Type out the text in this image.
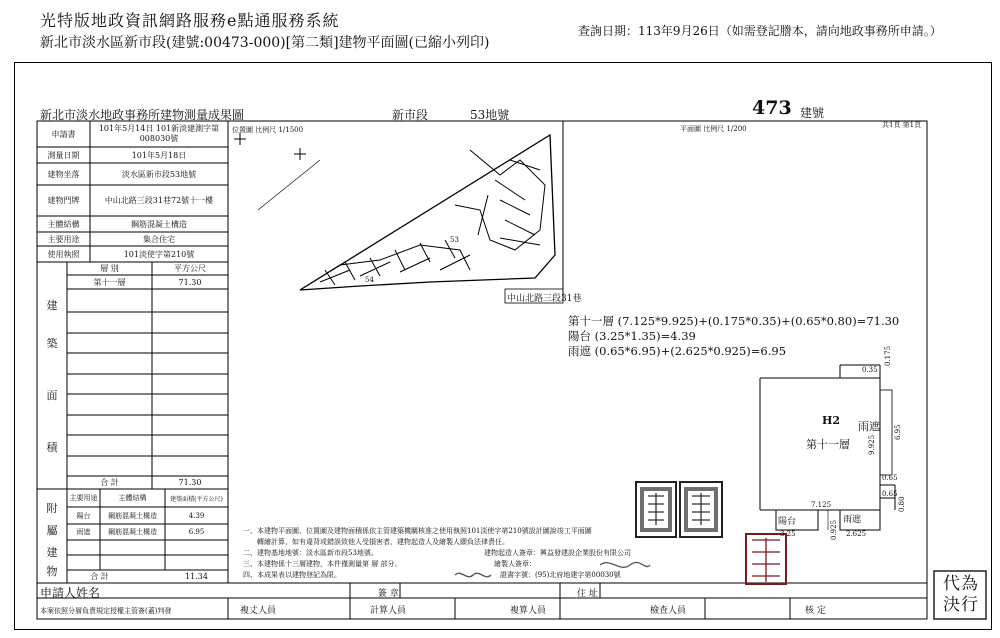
光特版地政資訊網路服務e點通服務系統
新北市淡水區新市段(建號:00473-000)[第二類]建物平面圖(已縮小列印)
查詢日期：113年9月26日（如需登記謄本，請向地政事務所申請。）
新北市淡水地政事務所建物測量成果圖	新市段	53地號	473 建號
共1頁 第1頁
位置圖 比例尺 1/1500	平面圖 比例尺 1/200
申請書
101年5月14日 101新淡建測字第008030號
測量日期	101年5月18日
建物坐落	淡水區新市段53地號
建物門牌	中山北路三段31巷72號十一樓
主體結構	鋼筋混凝土構造
主要用途	集合住宅
使用執照	101淡使字第210號
建
築
面
積
層 別	平方公尺
第十一層	71.30
合 計	71.30
附
屬
建
物
主要用途	主體結構	建築面積(平方公尺)
陽台	鋼筋混凝土構造	4.39
雨遮	鋼筋混凝土構造	6.95
合 計	11.34
申請人姓名
本案依照分層負責規定授權主管簽(蓋)判發
簽 章	住 址
複丈人員	計算人員	複算人員	檢查人員	核 定
53
54
中山北路三段31巷
第十一層 (7.125*9.925)+(0.175*0.35)+(0.65*0.80)=71.30
陽台 (3.25*1.35)=4.39
雨遮 (0.65*6.95)+(2.625*0.925)=6.95
H2
第十一層
雨遮
陽台	雨遮
0.35
0.175
6.95
9.925
0.65
0.65
0.80
7.125
3.25	0.925 2.625
一、本建物平面圖、位置圖及建物面積係依主管建築機關核准之使用執照101淡使字第210號設計圖說竣工平面圖
　　轉繪計算，如有違背或錯誤致他人受損害者，建物起造人及繪製人願負法律責任。
二、建物基地地號：淡水區新市段53地號。
三、本建物係十三層建物，本件僅測量第 層 部分。
四、本成果表以建物登記為限。
建物起造人簽章：興益發建設企業股份有限公司
繪製人簽章：
證書字號：(95)北府地建字第00030號	代為決行
